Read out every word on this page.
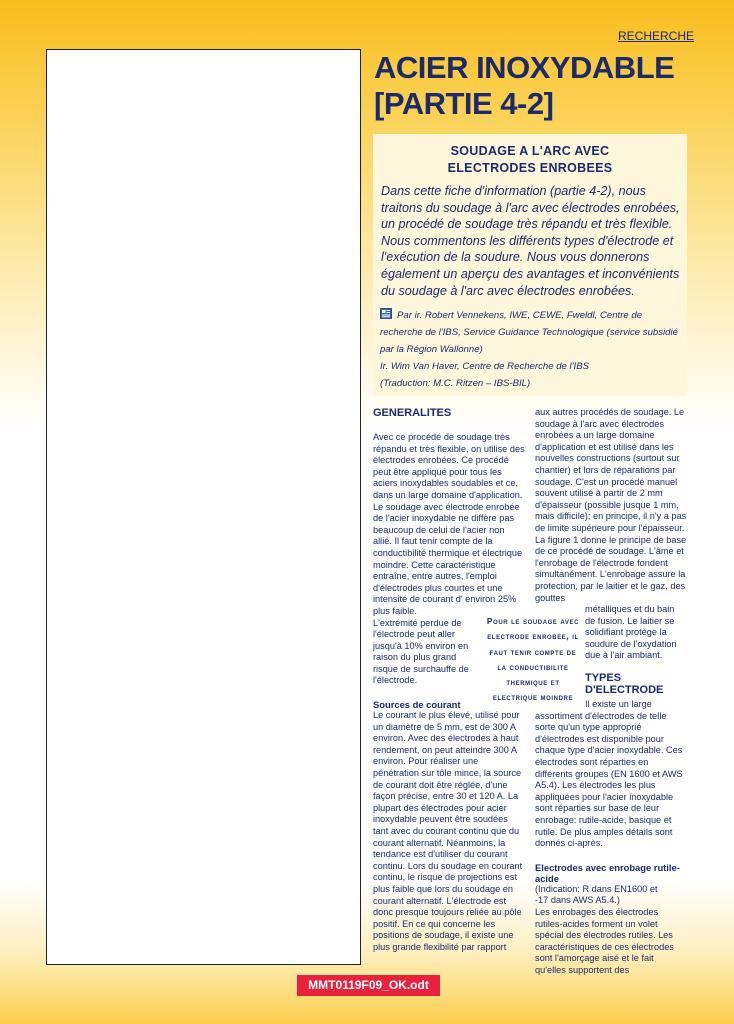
RECHERCHE
ACIER INOXYDABLE
[PARTIE 4-2]
SOUDAGE A L'ARC AVEC
ELECTRODES ENROBEES
Dans cette fiche d'information (partie 4-2), nous traitons du soudage à l'arc avec électrodes enrobées, un procédé de soudage très répandu et très flexible. Nous commentons les différents types d'électrode et l'exécution de la soudure. Nous vous donnerons également un aperçu des avantages et inconvénients du soudage à l'arc avec électrodes enrobées.
Par ir. Robert Vennekens, IWE, CEWE, Fweldl, Centre de recherche de l'IBS, Service Guidance Technologique (service subsidié par la Région Wallonne)
Ir. Wim Van Haver, Centre de Recherche de l'IBS
(Traduction: M.C. Ritzen – IBS-BIL)
GENERALITES

Avec ce procédé de soudage très répandu et très flexible, on utilise des électrodes enrobées. Ce procédé peut être appliqué pour tous les aciers inoxydables soudables et ce, dans un large domaine d'application. Le soudage avec électrode enrobée de l'acier inoxydable ne diffère pas beaucoup de celui de l'acier non allié. Il faut tenir compte de la conductibilité thermique et électrique moindre. Cette caractéristique entraîne, entre autres, l'emploi d'électrodes plus courtes et une intensité de courant d' environ 25% plus faible.

L'extrémité perdue de l'électrode peut aller jusqu'à 10% environ en raison du plus grand risque de surchauffe de l'électrode.

Sources de courant

Le courant le plus élevé, utilisé pour un diamètre de 5 mm, est de 300 A environ. Avec des électrodes à haut rendement, on peut atteindre 300 A environ. Pour réaliser une pénétration sur tôle mince, la source de courant doit être réglée, d'une façon précise, entre 30 et 120 A. La plupart des électrodes pour acier inoxydable peuvent être soudées tant avec du courant continu que du courant alternatif. Néanmoins, la tendance est d'utiliser du courant continu. Lors du soudage en courant continu, le risque de projections est plus faible que lors du soudage en courant alternatif. L'électrode est donc presque toujours reliée au pôle positif. En ce qui concerne les positions de soudage, il existe une plus grande flexibilité par rapport

aux autres procédés de soudage. Le soudage à l'arc avec électrodes enrobées a un large domaine d'application et est utilisé dans les nouvelles constructions (surtout sur chantier) et lors de réparations par soudage. C'est un procédé manuel souvent utilisé à partir de 2 mm d'épaisseur (possible jusque 1 mm, mais difficile); en principe, il n'y a pas de limite supérieure pour l'épaisseur. La figure 1 donne le principe de base de ce procédé de soudage. L'âme et l'enrobage de l'électrode fondent simultanément. L'enrobage assure la protection, par le laitier et le gaz, des gouttes

métalliques et du bain de fusion. Le laitier se solidifiant protège la soudure de l'oxydation due à l'air ambiant.

TYPES
D'ELECTRODE

Il existe un large assortiment d'électrodes de telle sorte qu'un type approprié d'électrodes est disponible pour chaque type d'acier inoxydable. Ces électrodes sont réparties en différents groupes (EN 1600 et AWS A5.4). Les électrodes les plus appliquées pour l'acier inoxydable sont réparties sur base de leur enrobage: rutile-acide, basique et rutile. De plus amples détails sont donnés ci-après.

Electrodes avec enrobage rutile-acide

(Indication: R dans EN1600 et -17 dans AWS A5.4.)

Les enrobages des électrodes rutiles-acides forment un volet spécial des électrodes rutiles. Les caractéristiques de ces électrodes sont l'amorçage aisé et le fait qu'elles supportent des

Pour le soudage avec electrode enrobee, il faut tenir compte de la conductibilite thermique et electrique moindre
MMT0119F09_OK.odt
